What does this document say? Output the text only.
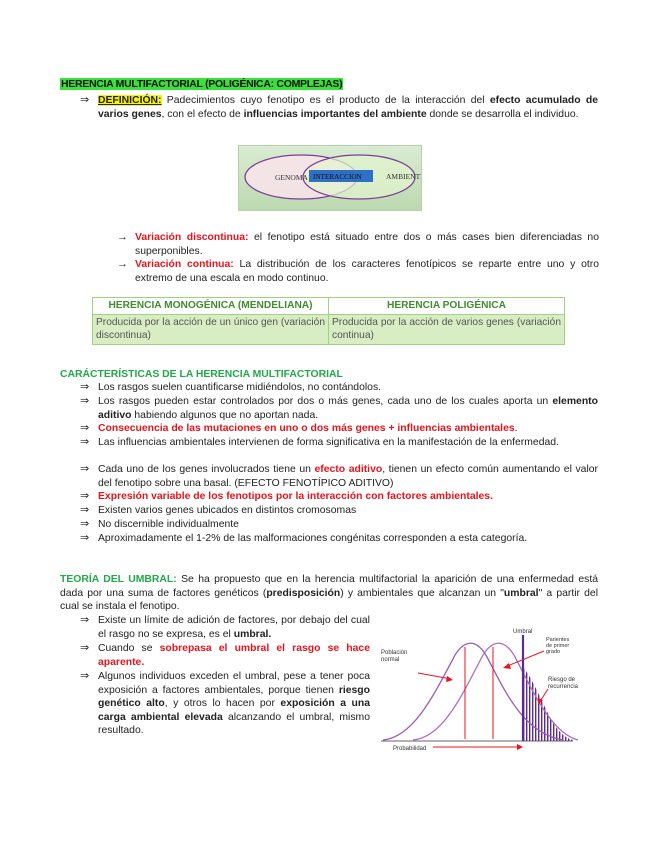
HERENCIA MULTIFACTORIAL (POLIGÉNICA: COMPLEJAS)
⇒ DEFINICIÓN: Padecimientos cuyo fenotipo es el producto de la interacción del efecto acumulado de varios genes, con el efecto de influencias importantes del ambiente donde se desarrolla el individuo.
GENOMA INTERACCION	AMBIENTE
→ Variación discontinua: el fenotipo está situado entre dos o más cases bien diferenciadas no superponibles.
→ Variación continua: La distribución de los caracteres fenotípicos se reparte entre uno y otro extremo de una escala en modo continuo.
HERENCIA MONOGÉNICA (MENDELIANA)	HERENCIA POLIGÉNICA
Producida por la acción de un único gen (variación discontinua)	Producida por la acción de varios genes (variación continua)
CARÁCTERÍSTICAS DE LA HERENCIA MULTIFACTORIAL
⇒ Los rasgos suelen cuantificarse midiéndolos, no contándolos.
⇒ Los rasgos pueden estar controlados por dos o más genes, cada uno de los cuales aporta un elemento aditivo habiendo algunos que no aportan nada.
⇒ Consecuencia de las mutaciones en uno o dos más genes + influencias ambientales.
⇒ Las influencias ambientales intervienen de forma significativa en la manifestación de la enfermedad.
⇒ Cada uno de los genes involucrados tiene un efecto aditivo, tienen un efecto común aumentando el valor del fenotipo sobre una basal. (EFECTO FENOTÍPICO ADITIVO)
⇒ Expresión variable de los fenotipos por la interacción con factores ambientales.
⇒ Existen varios genes ubicados en distintos cromosomas
⇒ No discernible individualmente
⇒ Aproximadamente el 1-2% de las malformaciones congénitas corresponden a esta categoría.
TEORÍA DEL UMBRAL: Se ha propuesto que en la herencia multifactorial la aparición de una enfermedad está dada por una suma de factores genéticos (predisposición) y ambientales que alcanzan un "umbral" a partir del cual se instala el fenotipo.
⇒ Existe un límite de adición de factores, por debajo del cual el rasgo no se expresa, es el umbral.
⇒ Cuando se sobrepasa el umbral el rasgo se hace aparente.
⇒ Algunos individuos exceden el umbral, pese a tener poca exposición a factores ambientales, porque tienen riesgo genético alto, y otros lo hacen por exposición a una carga ambiental elevada alcanzando el umbral, mismo resultado.
Umbral
Población
normal
Parientes
de primer
grado
Riesgo de
recurrencia
Probabilidad
